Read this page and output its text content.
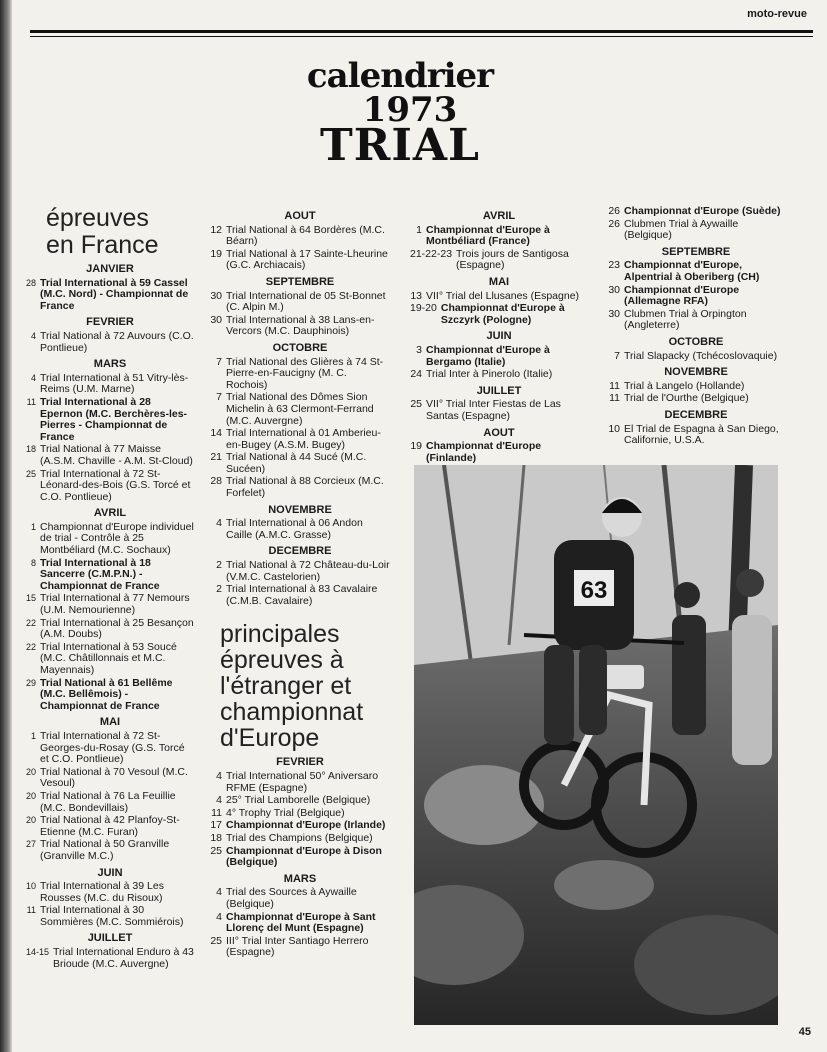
moto-revue
calendrier
1973
TRIAL
épreuves
en France
JANVIER
28 Trial International à 59 Cassel (M.C. Nord) - Championnat de France
FEVRIER
4 Trial National à 72 Auvours (C.O. Pontlieue)
MARS
4 Trial International à 51 Vitry-lès-Reims (U.M. Marne)
11 Trial International à 28 Epernon (M.C. Berchères-les-Pierres - Championnat de France
18 Trial National à 77 Maisse (A.S.M. Chaville - A.M. St-Cloud)
25 Trial International à 72 St-Léonard-des-Bois (G.S. Torcé et C.O. Pontlieue)
AVRIL
1 Championnat d'Europe individuel de trial - Contrôle à 25 Montbéliard (M.C. Sochaux)
8 Trial International à 18 Sancerre (C.M.P.N.) - Championnat de France
15 Trial International à 77 Nemours (U.M. Nemourienne)
22 Trial International à 25 Besançon (A.M. Doubs)
22 Trial International à 53 Soucé (M.C. Châtillonnais et M.C. Mayennais)
29 Trial National à 61 Bellême (M.C. Bellêmois) - Championnat de France
MAI
1 Trial International à 72 St-Georges-du-Rosay (G.S. Torcé et C.O. Pontlieue)
20 Trial National à 70 Vesoul (M.C. Vesoul)
20 Trial National à 76 La Feuillie (M.C. Bondevillais)
20 Trial National à 42 Planfoy-St-Etienne (M.C. Furan)
27 Trial National à 50 Granville (Granville M.C.)
JUIN
10 Trial International à 39 Les Rousses (M.C. du Risoux)
11 Trial International à 30 Sommières (M.C. Sommiérois)
JUILLET
14-15 Trial International Enduro à 43 Brioude (M.C. Auvergne)
AOUT
12 Trial National à 64 Bordères (M.C. Béarn)
19 Trial National à 17 Sainte-Lheurine (G.C. Archiacais)
SEPTEMBRE
30 Trial International de 05 St-Bonnet (C. Alpin M.)
30 Trial International à 38 Lans-en-Vercors (M.C. Dauphinois)
OCTOBRE
7 Trial National des Glières à 74 St-Pierre-en-Faucigny (M. C. Rochois)
7 Trial National des Dômes Sion Michelin à 63 Clermont-Ferrand (M.C. Auvergne)
14 Trial International à 01 Amberieu-en-Bugey (A.S.M. Bugey)
21 Trial National à 44 Sucé (M.C. Sucéen)
28 Trial National à 88 Corcieux (M.C. Forfelet)
NOVEMBRE
4 Trial International à 06 Andon Caille (A.M.C. Grasse)
DECEMBRE
2 Trial National à 72 Château-du-Loir (V.M.C. Castelorien)
2 Trial International à 83 Cavalaire (C.M.B. Cavalaire)
principales
épreuves à
l'étranger et
championnat
d'Europe
FEVRIER
4 Trial International 50° Aniversaro RFME (Espagne)
4 25° Trial Lamborelle (Belgique)
11 4° Trophy Trial (Belgique)
17 Championnat d'Europe (Irlande)
18 Trial des Champions (Belgique)
25 Championnat d'Europe à Dison (Belgique)
MARS
4 Trial des Sources à Aywaille (Belgique)
4 Championnat d'Europe à Sant Llorenç del Munt (Espagne)
25 III° Trial Inter Santiago Herrero (Espagne)
AVRIL
1 Championnat d'Europe à Montbéliard (France)
21-22-23 Trois jours de Santigosa (Espagne)
MAI
13 VII° Trial del Llusanes (Espagne)
19-20 Championnat d'Europe à Szczyrk (Pologne)
JUIN
3 Championnat d'Europe à Bergamo (Italie)
24 Trial Inter à Pinerolo (Italie)
JUILLET
25 VII° Trial Inter Fiestas de Las Santas (Espagne)
AOUT
19 Championnat d'Europe (Finlande)
26 Championnat d'Europe (Suède)
26 Clubmen Trial à Aywaille (Belgique)
SEPTEMBRE
23 Championnat d'Europe, Alpentrial à Oberiberg (CH)
30 Championnat d'Europe (Allemagne RFA)
30 Clubmen Trial à Orpington (Angleterre)
OCTOBRE
7 Trial Slapacky (Tchécoslovaquie)
NOVEMBRE
11 Trial à Langelo (Hollande)
11 Trial de l'Ourthe (Belgique)
DECEMBRE
10 El Trial de Espagna à San Diego, Californie, U.S.A.
63
45
